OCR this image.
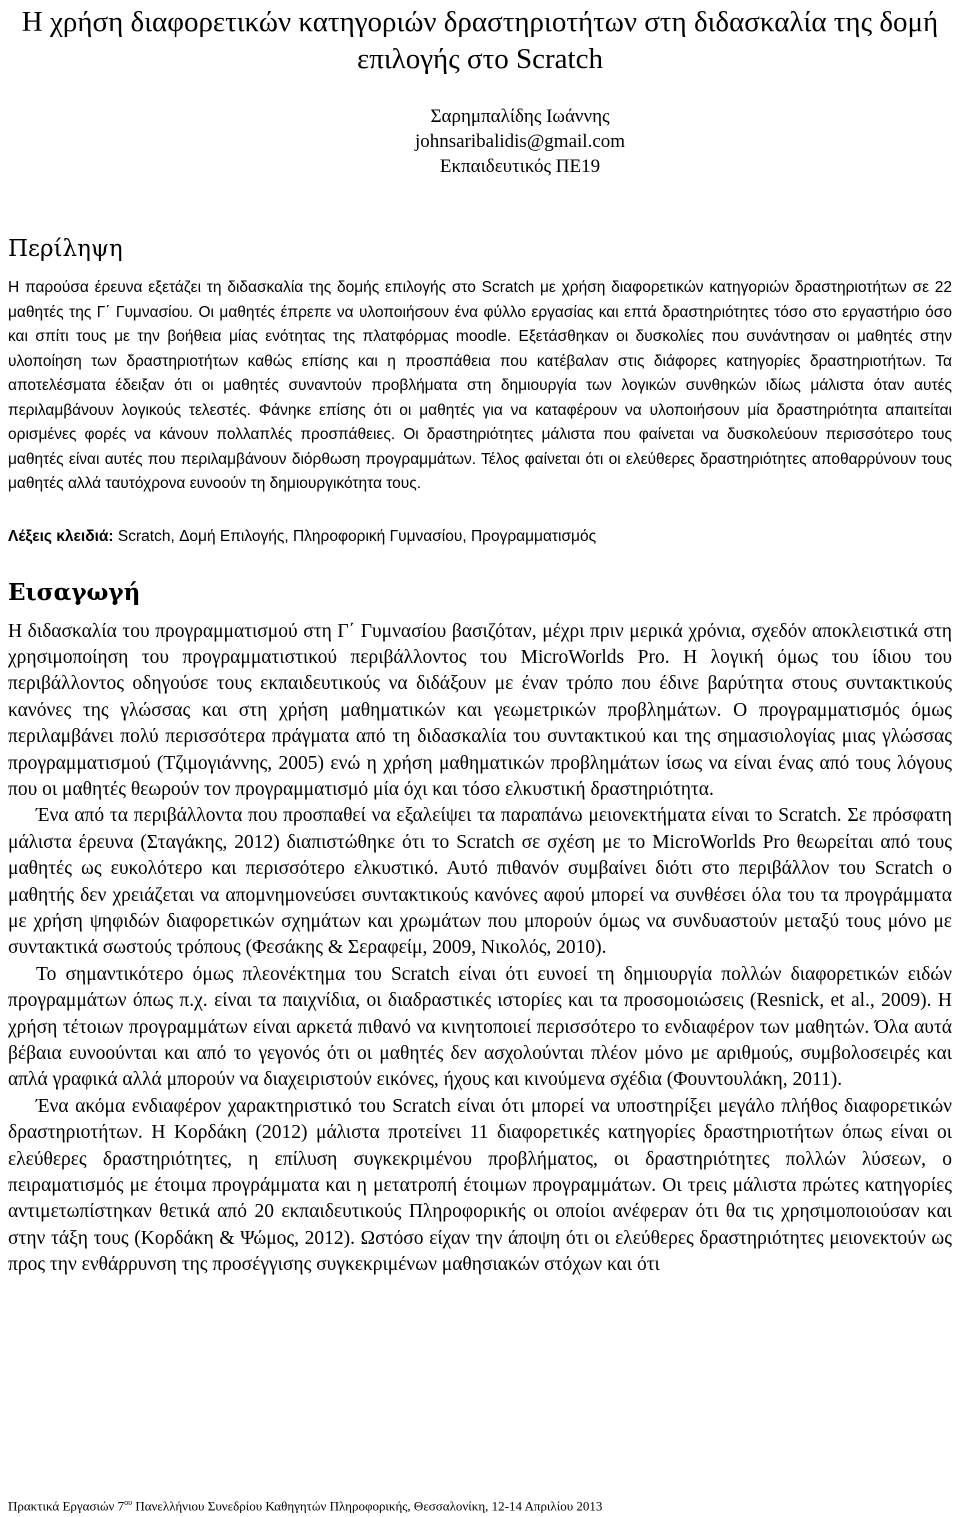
Η χρήση διαφορετικών κατηγοριών δραστηριοτήτων στη διδασκαλία της δομή επιλογής στο Scratch
Σαρημπαλίδης Ιωάννης
johnsaribalidis@gmail.com
Εκπαιδευτικός ΠΕ19
Περίληψη

Η παρούσα έρευνα εξετάζει τη διδασκαλία της δομής επιλογής στο Scratch με χρήση διαφορετικών κατηγοριών δραστηριοτήτων σε 22 μαθητές της Γ΄ Γυμνασίου. Οι μαθητές έπρεπε να υλοποιήσουν ένα φύλλο εργασίας και επτά δραστηριότητες τόσο στο εργαστήριο όσο και σπίτι τους με την βοήθεια μίας ενότητας της πλατφόρμας moodle. Εξετάσθηκαν οι δυσκολίες που συνάντησαν οι μαθητές στην υλοποίηση των δραστηριοτήτων καθώς επίσης και η προσπάθεια που κατέβαλαν στις διάφορες κατηγορίες δραστηριοτήτων. Τα αποτελέσματα έδειξαν ότι οι μαθητές συναντούν προβλήματα στη δημιουργία των λογικών συνθηκών ιδίως μάλιστα όταν αυτές περιλαμβάνουν λογικούς τελεστές. Φάνηκε επίσης ότι οι μαθητές για να καταφέρουν να υλοποιήσουν μία δραστηριότητα απαιτείται ορισμένες φορές να κάνουν πολλαπλές προσπάθειες. Οι δραστηριότητες μάλιστα που φαίνεται να δυσκολεύουν περισσότερο τους μαθητές είναι αυτές που περιλαμβάνουν διόρθωση προγραμμάτων. Τέλος φαίνεται ότι οι ελεύθερες δραστηριότητες αποθαρρύνουν τους μαθητές αλλά ταυτόχρονα ευνοούν τη δημιουργικότητα τους.

Λέξεις κλειδιά: Scratch, Δομή Επιλογής, Πληροφορική Γυμνασίου, Προγραμματισμός

Εισαγωγή

Η διδασκαλία του προγραμματισμού στη Γ΄ Γυμνασίου βασιζόταν, μέχρι πριν μερικά χρόνια, σχεδόν αποκλειστικά στη χρησιμοποίηση του προγραμματιστικού περιβάλλοντος του MicroWorlds Pro. Η λογική όμως του ίδιου του περιβάλλοντος οδηγούσε τους εκπαιδευτικούς να διδάξουν με έναν τρόπο που έδινε βαρύτητα στους συντακτικούς κανόνες της γλώσσας και στη χρήση μαθηματικών και γεωμετρικών προβλημάτων. Ο προγραμματισμός όμως περιλαμβάνει πολύ περισσότερα πράγματα από τη διδασκαλία του συντακτικού και της σημασιολογίας μιας γλώσσας προγραμματισμού (Τζιμογιάννης, 2005) ενώ η χρήση μαθηματικών προβλημάτων ίσως να είναι ένας από τους λόγους που οι μαθητές θεωρούν τον προγραμματισμό μία όχι και τόσο ελκυστική δραστηριότητα.

Ένα από τα περιβάλλοντα που προσπαθεί να εξαλείψει τα παραπάνω μειονεκτήματα είναι το Scratch. Σε πρόσφατη μάλιστα έρευνα (Σταγάκης, 2012) διαπιστώθηκε ότι το Scratch σε σχέση με το MicroWorlds Pro θεωρείται από τους μαθητές ως ευκολότερο και περισσότερο ελκυστικό. Αυτό πιθανόν συμβαίνει διότι στο περιβάλλον του Scratch ο μαθητής δεν χρειάζεται να απομνημονεύσει συντακτικούς κανόνες αφού μπορεί να συνθέσει όλα του τα προγράμματα με χρήση ψηφιδών διαφορετικών σχημάτων και χρωμάτων που μπορούν όμως να συνδυαστούν μεταξύ τους μόνο με συντακτικά σωστούς τρόπους (Φεσάκης & Σεραφείμ, 2009, Νικολός, 2010).

Το σημαντικότερο όμως πλεονέκτημα του Scratch είναι ότι ευνοεί τη δημιουργία πολλών διαφορετικών ειδών προγραμμάτων όπως π.χ. είναι τα παιχνίδια, οι διαδραστικές ιστορίες και τα προσομοιώσεις (Resnick, et al., 2009). Η χρήση τέτοιων προγραμμάτων είναι αρκετά πιθανό να κινητοποιεί περισσότερο το ενδιαφέρον των μαθητών. Όλα αυτά βέβαια ευνοούνται και από το γεγονός ότι οι μαθητές δεν ασχολούνται πλέον μόνο με αριθμούς, συμβολοσειρές και απλά γραφικά αλλά μπορούν να διαχειριστούν εικόνες, ήχους και κινούμενα σχέδια (Φουντουλάκη, 2011).

Ένα ακόμα ενδιαφέρον χαρακτηριστικό του Scratch είναι ότι μπορεί να υποστηρίξει μεγάλο πλήθος διαφορετικών δραστηριοτήτων. Η Κορδάκη (2012) μάλιστα προτείνει 11 διαφορετικές κατηγορίες δραστηριοτήτων όπως είναι οι ελεύθερες δραστηριότητες, η επίλυση συγκεκριμένου προβλήματος, οι δραστηριότητες πολλών λύσεων, ο πειραματισμός με έτοιμα προγράμματα και η μετατροπή έτοιμων προγραμμάτων. Οι τρεις μάλιστα πρώτες κατηγορίες αντιμετωπίστηκαν θετικά από 20 εκπαιδευτικούς Πληροφορικής οι οποίοι ανέφεραν ότι θα τις χρησιμοποιούσαν και στην τάξη τους (Κορδάκη & Ψώμος, 2012). Ωστόσο είχαν την άποψη ότι οι ελεύθερες δραστηριότητες μειονεκτούν ως προς την ενθάρρυνση της προσέγγισης συγκεκριμένων μαθησιακών στόχων και ότι

Πρακτικά Εργασιών $7^{o\upsilon}$ Πανελλήνιου Συνεδρίου Καθηγητών Πληροφορικής, Θεσσαλονίκη, 12-14 Απριλίου 2013
